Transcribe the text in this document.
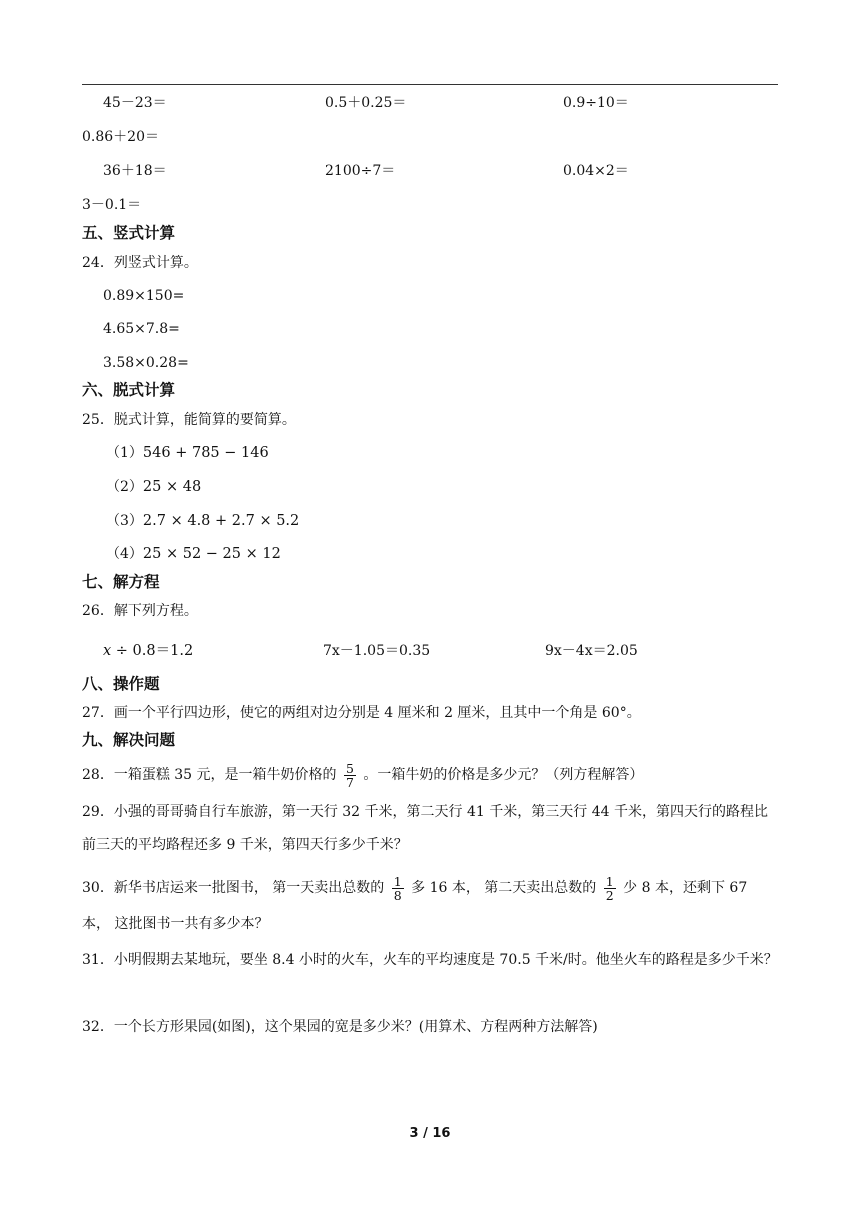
45－23＝	0.5＋0.25＝	0.9÷10＝
0.86＋20＝
36＋18＝	2100÷7＝	0.04×2＝
3－0.1＝
五、竖式计算
24．列竖式计算。
0.89×150=
4.65×7.8=
3.58×0.28=
六、脱式计算
25．脱式计算，能简算的要简算。
（1）546 + 785 − 146
（2）25 × 48
（3）2.7 × 4.8 + 2.7 × 5.2
（4）25 × 52 − 25 × 12
七、解方程
26．解下列方程。
𝑥 ÷ 0.8＝1.2	7x－1.05＝0.35	9x－4x＝2.05
八、操作题
27．画一个平行四边形，使它的两组对边分别是 4 厘米和 2 厘米，且其中一个角是 60°。
九、解决问题
28．一箱蛋糕 35 元，是一箱牛奶价格的 $\frac{5}{7}$ 。一箱牛奶的价格是多少元？（列方程解答）
29．小强的哥哥骑自行车旅游，第一天行 32 千米，第二天行 41 千米，第三天行 44 千米，第四天行的路程比前三天的平均路程还多 9 千米，第四天行多少千米？
30．新华书店运来一批图书， 第一天卖出总数的 $\frac{1}{8}$ 多 16 本， 第二天卖出总数的 $\frac{1}{2}$ 少 8 本，还剩下 67 本， 这批图书一共有多少本？
31．小明假期去某地玩，要坐 8.4 小时的火车，火车的平均速度是 70.5 千米/时。他坐火车的路程是多少千米？
32．一个长方形果园(如图)，这个果园的宽是多少米？(用算术、方程两种方法解答)
3 / 16
